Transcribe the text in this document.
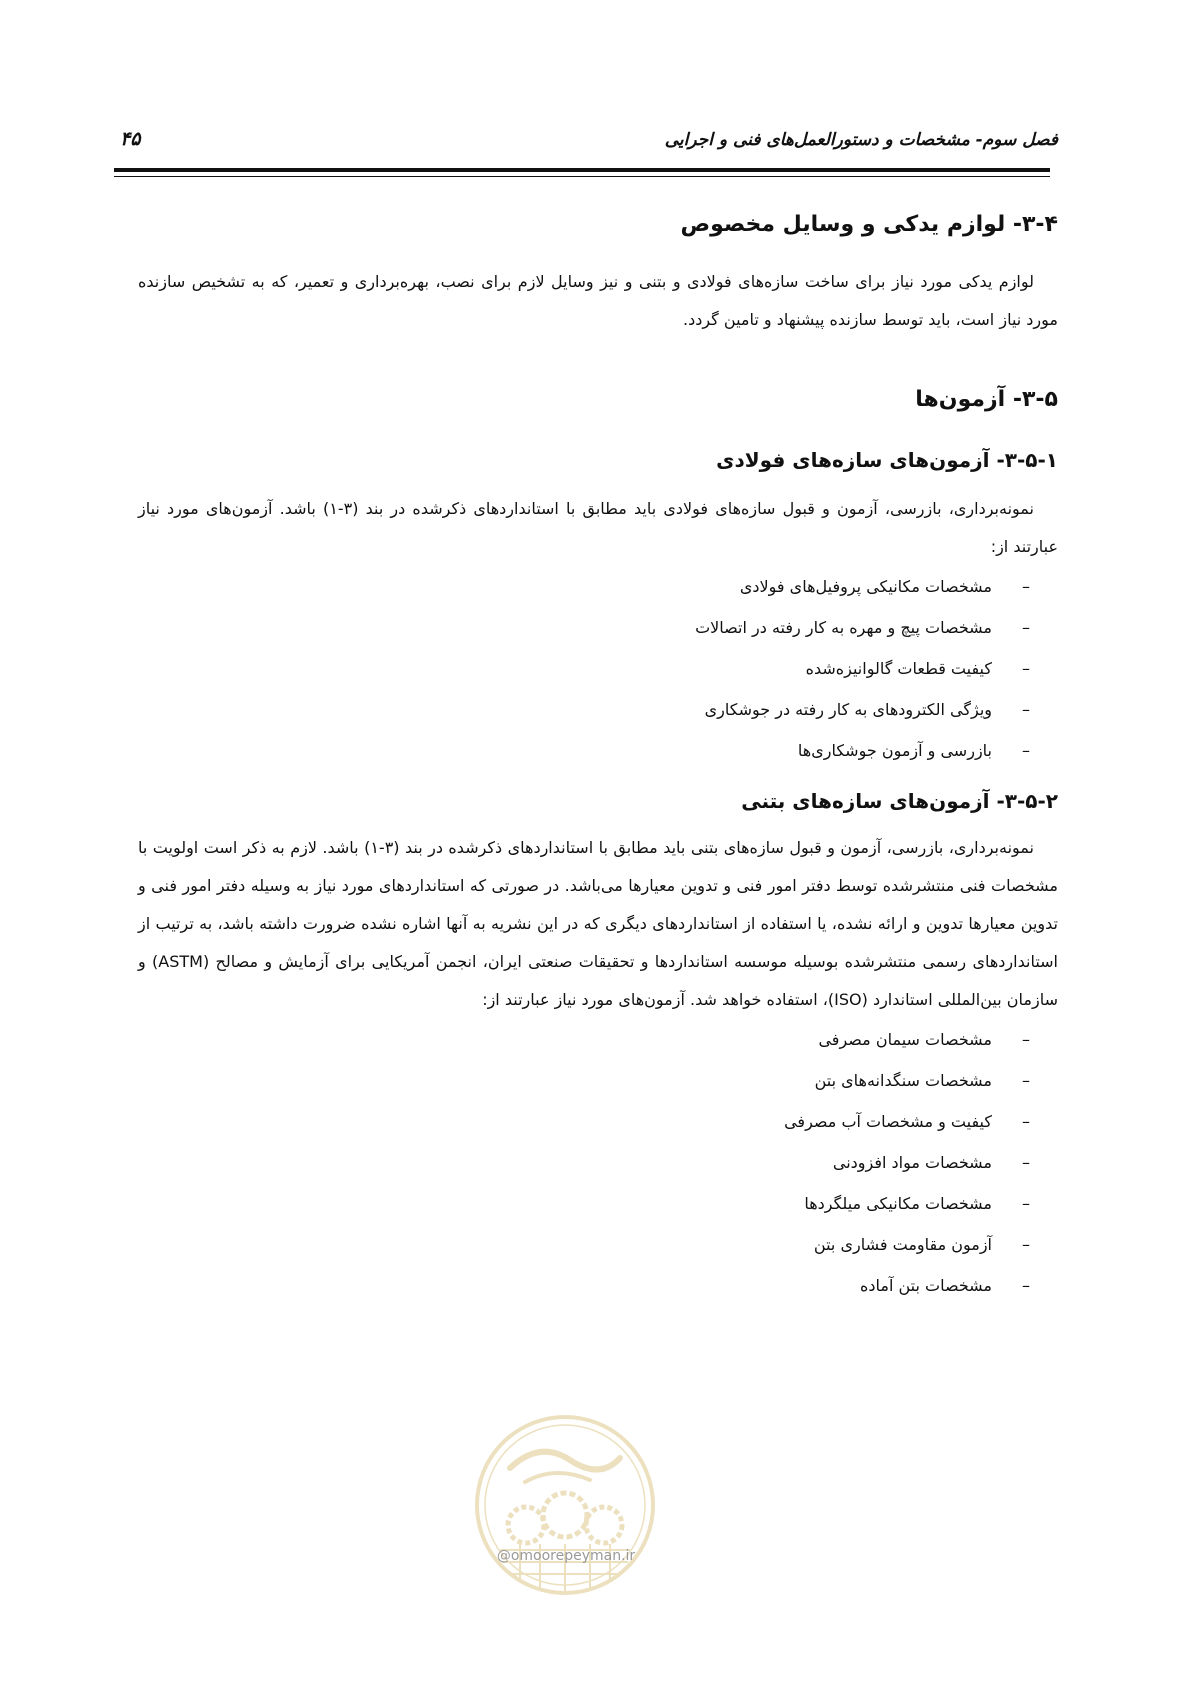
فصل سوم- مشخصات و دستورالعمل‌های فنی و اجرایی
۴۵
۳-۴- لوازم یدکی و وسایل مخصوص

لوازم یدکی مورد نیاز برای ساخت سازه‌های فولادی و بتنی و نیز وسایل لازم برای نصب، بهره‌برداری و تعمیر، که به تشخیص سازنده مورد نیاز است، باید توسط سازنده پیشنهاد و تامین گردد.

۳-۵- آزمون‌ها
۳-۵-۱- آزمون‌های سازه‌های فولادی

نمونه‌برداری، بازرسی، آزمون و قبول سازه‌های فولادی باید مطابق با استانداردهای ذکرشده در بند (۳-۱) باشد. آزمون‌های مورد نیاز عبارتند از:

–مشخصات مکانیکی پروفیل‌های فولادی
–مشخصات پیچ و مهره به کار رفته در اتصالات
–کیفیت قطعات گالوانیزه‌شده
–ویژگی الکترودهای به کار رفته در جوشکاری
–بازرسی و آزمون جوشکاری‌ها
۳-۵-۲- آزمون‌های سازه‌های بتنی

نمونه‌برداری، بازرسی، آزمون و قبول سازه‌های بتنی باید مطابق با استانداردهای ذکرشده در بند (۳-۱) باشد. لازم به ذکر است اولویت با مشخصات فنی منتشرشده توسط دفتر امور فنی و تدوین معیارها می‌باشد. در صورتی که استانداردهای مورد نیاز به وسیله دفتر امور فنی و تدوین معیارها تدوین و ارائه نشده، یا استفاده از استانداردهای دیگری که در این نشریه به آنها اشاره نشده ضرورت داشته باشد، به ترتیب از استانداردهای رسمی منتشرشده بوسیله موسسه استانداردها و تحقیقات صنعتی ایران، انجمن آمریکایی برای آزمایش و مصالح (ASTM) و سازمان بین‌المللی استاندارد (ISO)، استفاده خواهد شد. آزمون‌های مورد نیاز عبارتند از:

–مشخصات سیمان مصرفی
–مشخصات سنگدانه‌های بتن
–کیفیت و مشخصات آب مصرفی
–مشخصات مواد افزودنی
–مشخصات مکانیکی میلگردها
–آزمون مقاومت فشاری بتن
–مشخصات بتن آماده
@omoorepeyman.ir
